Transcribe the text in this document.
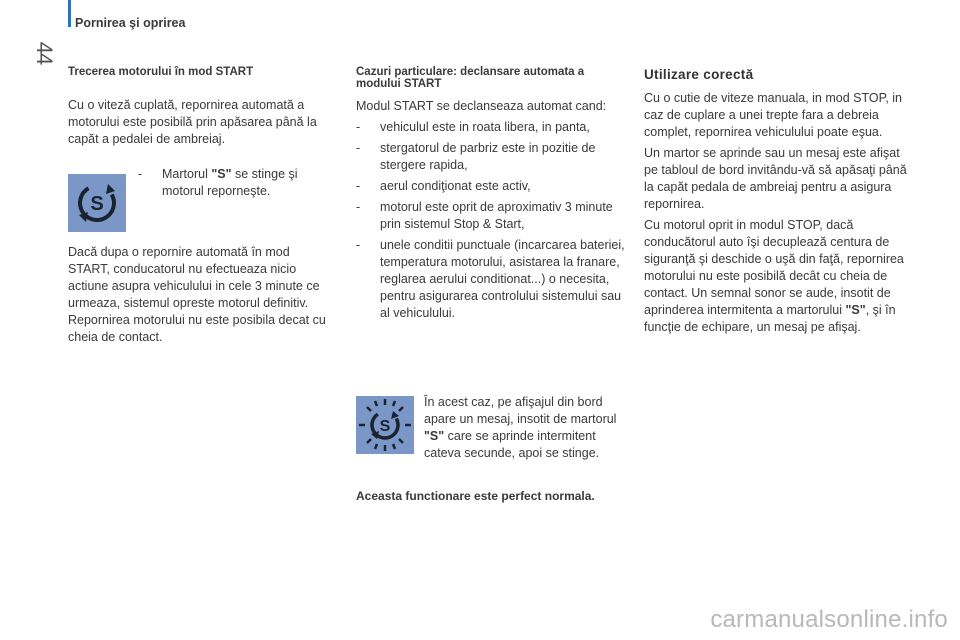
Pornirea şi oprirea
44

Trecerea motorului în mod START

Cu o viteză cuplată, repornirea automată a motorului este posibilă prin apăsarea până la capăt a pedalei de ambreiaj.

-	Martorul "S" se stinge şi motorul reporneşte.

Dacă dupa o repornire automată în mod START, conducatorul nu efectueaza nicio actiune asupra vehiculului in cele 3 minute ce urmeaza, sistemul opreste motorul definitiv. Repornirea motorului nu este posibila decat cu cheia de contact.

S

Cazuri particulare: declansare automata a modului START

Modul START se declanseaza automat cand:

-	vehiculul este in roata libera, in panta,
-	stergatorul de parbriz este in pozitie de stergere rapida,
-	aerul condiţionat este activ,
-	motorul este oprit de aproximativ 3 minute prin sistemul Stop & Start,
-	unele conditii punctuale (incarcarea bateriei, temperatura motorului, asistarea la franare, reglarea aerului conditionat...) o necesita, pentru asigurarea controlului sistemului sau al vehiculului.
S

În acest caz, pe afişajul din bord apare un mesaj, insotit de martorul "S" care se aprinde intermitent cateva secunde, apoi se stinge.

Aceasta functionare este perfect normala.

Utilizare corectă

Cu o cutie de viteze manuala, in mod STOP, in caz de cuplare a unei trepte fara a debreia complet, repornirea vehiculului poate eşua.

Un martor se aprinde sau un mesaj este afişat pe tabloul de bord invitându-vă să apăsaţi până la capăt pedala de ambreiaj pentru a asigura repornirea.

Cu motorul oprit in modul STOP, dacă conducătorul auto îşi decuplează centura de siguranţă şi deschide o uşă din faţă, repornirea motorului nu este posibilă decât cu cheia de contact. Un semnal sonor se aude, insotit de aprinderea intermitenta a martorului "S", şi în funcţie de echipare, un mesaj pe afişaj.

carmanualsonline.info
